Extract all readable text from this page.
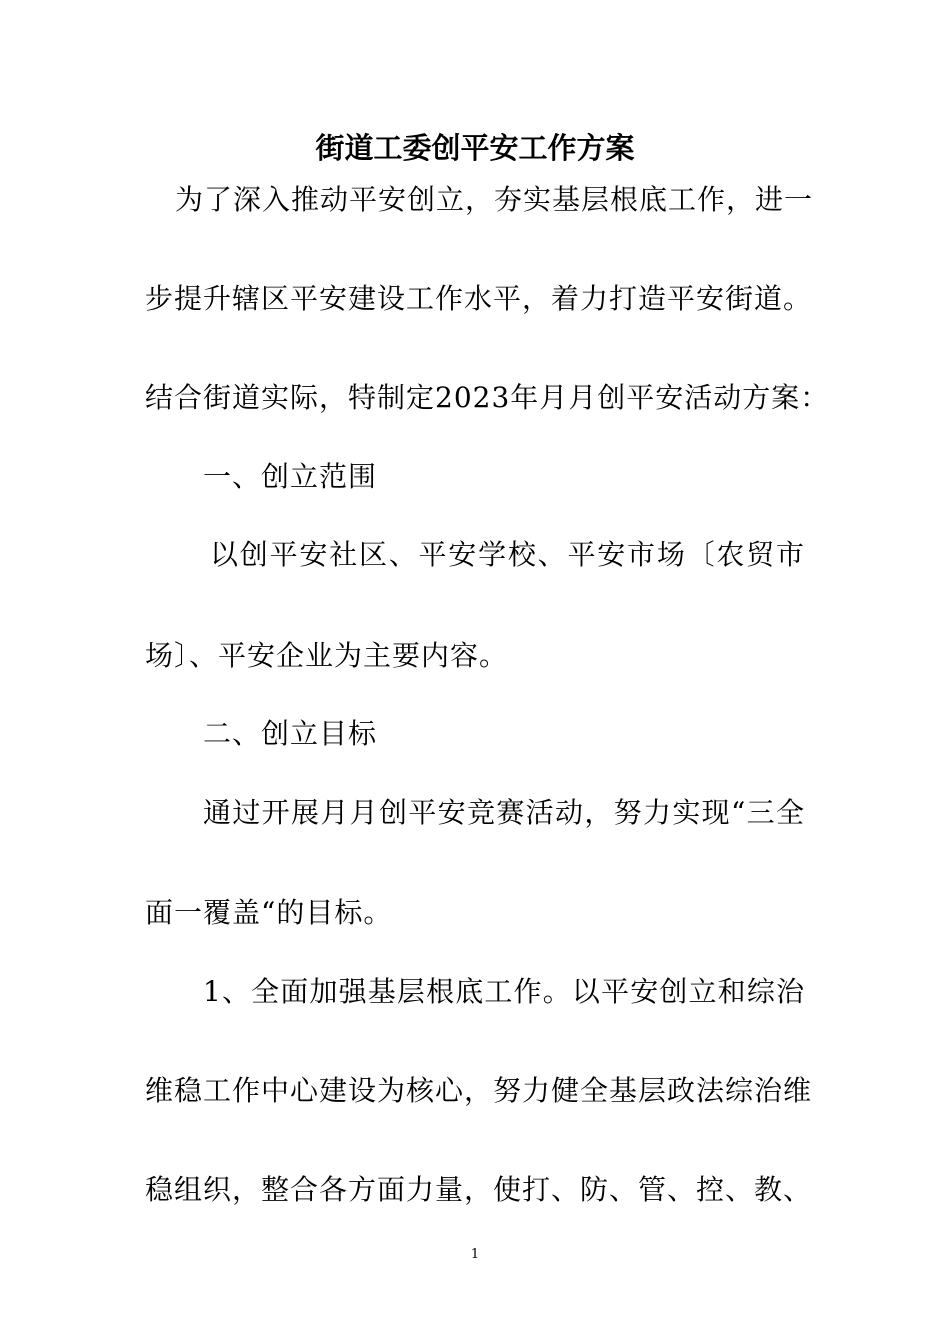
街道工委创平安工作方案
为了深入推动平安创立，夯实基层根底工作，进一
步提升辖区平安建设工作水平，着力打造平安街道。
结合街道实际，特制定2023年月月创平安活动方案：
一、创立范围
以创平安社区、平安学校、平安市场〔农贸市
场〕、平安企业为主要内容。
二、创立目标
通过开展月月创平安竞赛活动，努力实现“三全
面一覆盖“的目标。
1、全面加强基层根底工作。以平安创立和综治
维稳工作中心建设为核心，努力健全基层政法综治维
稳组织，整合各方面力量，使打、防、管、控、教、
1
